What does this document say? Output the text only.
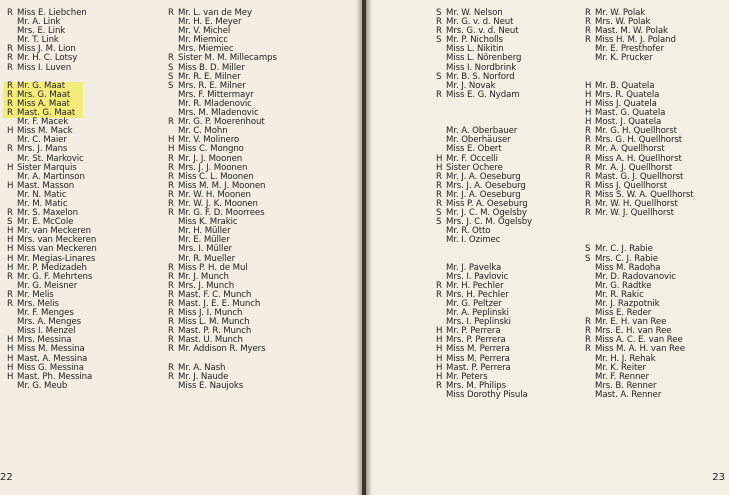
R Miss E. Liebchen
Mr. A. Link
Mrs. E. Link
Mr. T. Link
R Miss J. M. Lion
R Mr. H. C. Lotsy
R Miss I. Luven
R Mr. G. Maat
R Mrs. G. Maat
R Miss A. Maat
R Mast. G. Maat
Mr. F. Macek
H Miss M. Mack
Mr. C. Maier
R Mrs. J. Mans
Mr. St. Markovic
H Sister Marquis
Mr. A. Martinson
H Mast. Masson
Mr. N. Matic
Mr. M. Matic
R Mr. S. Maxelon
S Mr. E. McCole
H Mr. van Meckeren
H Mrs. van Meckeren
H Miss van Meckeren
H Mr. Megias-Linares
H Mr. P. Medizadeh
R Mr. G. F. Mehrtens
Mr. G. Meisner
R Mr. Melis
R Mrs. Melis
Mr. F. Menges
Mrs. A. Menges
Miss I. Menzel
H Mrs. Messina
H Miss M. Messina
H Mast. A. Messina
H Miss G. Messina
H Mast. Ph. Messina
Mr. G. Meub
R Mr. L. van de Mey
Mr. H. E. Meyer
Mr. V. Michel
Mr. Miemicc
Mrs. Miemiec
R Sister M. M. Millecamps
S Miss B. D. Miller
S Mr. R. E. Milner
S Mrs. R. E. Milner
Mrs. F. Mittermayr
Mr. R. Mladenovic
Mrs. M. Mladenovic
R Mr. G. P. Moerenhout
Mr. C. Mohn
H Mr. V. Molinero
H Miss C. Mongno
R Mr. J. J. Moonen
R Mrs. J. J. Moonen
R Miss C. L. Moonen
R Miss M. M. J. Moonen
R Mr. W. H. Moonen
R Mr. W. J. K. Moonen
R Mr. G. F. D. Moorrees
Miss K. Mrakic
Mr. H. Müller
Mr. E. Müller
Mrs. I. Müller
Mr. R. Mueller
R Miss P. H. de Mul
R Mr. J. Munch
R Mrs. J. Munch
R Mast. F. C. Munch
R Mast. J. E. E. Munch
R Miss J. I. Munch
R Miss L. M. Munch
R Mast. P. R. Munch
R Mast. U. Munch
R Mr. Addison R. Myers
R Mr. A. Nash
R Mr. J. Naude
Miss E. Naujoks
22
S Mr. W. Nelson
R Mr. G. v. d. Neut
R Mrs. G. v. d. Neut
S Mr. P. Nicholls
Miss L. Nikitin
Miss L. Nörenberg
Miss I. Nordbrink
S Mr. B. S. Norford
Mr. J. Novak
R Miss E. G. Nydam
Mr. A. Oberbauer
Mr. Oberhäuser
Miss E. Obert
H Mr. F. Occelli
H Sister Ochere
R Mr. J. A. Oeseburg
R Mrs. J. A. Oeseburg
R Mr. J. A. Oeseburg
R Miss P. A. Oeseburg
S Mr. J. C. M. Ogelsby
S Mrs. J. C. M. Ogelsby
Mr. R. Otto
Mr. I. Ozimec
Mr. J. Pavelka
Mrs. I. Pavlovic
R Mr. H. Pechler
R Mrs. H. Pechler
Mr. G. Peltzer
Mr. A. Peplinski
Mrs. I. Peplinski
H Mr. P. Perrera
H Mrs. P. Perrera
H Miss M. Perrera
H Miss M. Perrera
H Mast. P. Perrera
H Mr. Peters
R Mrs. M. Philips
Miss Dorothy Pisula
R Mr. W. Polak
R Mrs. W. Polak
R Mast. M. W. Polak
R Miss H. M. J. Poland
Mr. E. Presthofer
Mr. K. Prucker
H Mr. B. Quatela
H Mrs. R. Quatela
H Miss J. Quatela
H Mast. G. Quatela
H Most. J. Quatela
R Mr. G. H. Quellhorst
R Mrs. G. H. Quellhorst
R Mr. A. Quellhorst
R Miss A. H. Quellhorst
R Mr. A. J. Quellhorst
R Mast. G. J. Quellhorst
R Miss J. Quellhorst
R Miss S. W. A. Quellhorst
R Mr. W. H. Quellhorst
R Mr. W. J. Quellhorst
S Mr. C. J. Rabie
S Mrs. C. J. Rabie
Miss M. Radoha
Mr. D. Radovanovic
Mr. G. Radtke
Mr. R. Rakic
Mr. J. Razpotnik
Miss E. Reder
R Mr. E. H. van Ree
R Mrs. E. H. van Ree
R Miss A. C. E. van Ree
R Miss M. A. H. van Ree
Mr. H. J. Rehak
Mr. K. Reiter
Mr. F. Renner
Mrs. B. Renner
Mast. A. Renner
23
